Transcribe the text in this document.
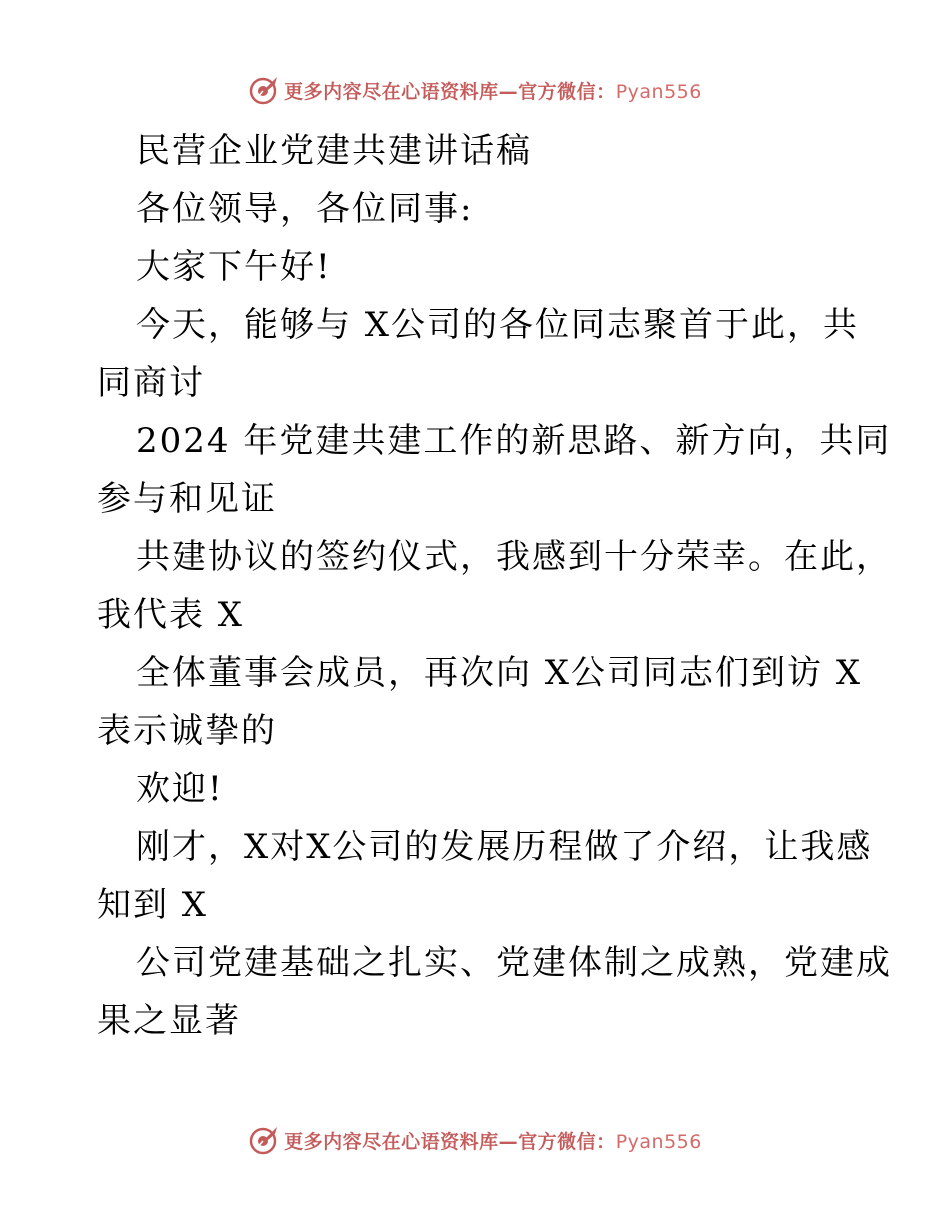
更多内容尽在心语资料库—官方微信：Pyan556
民营企业党建共建讲话稿
各位领导，各位同事:
大家下午好!
今天，能够与 X公司的各位同志聚首于此，共
同商讨
2024 年党建共建工作的新思路、新方向，共同
参与和见证
共建协议的签约仪式，我感到十分荣幸。在此，
我代表 X
全体董事会成员，再次向 X公司同志们到访 X
表示诚挚的
欢迎!
刚才，X对X公司的发展历程做了介绍，让我感
知到 X
公司党建基础之扎实、党建体制之成熟，党建成
果之显著
更多内容尽在心语资料库—官方微信：Pyan556
